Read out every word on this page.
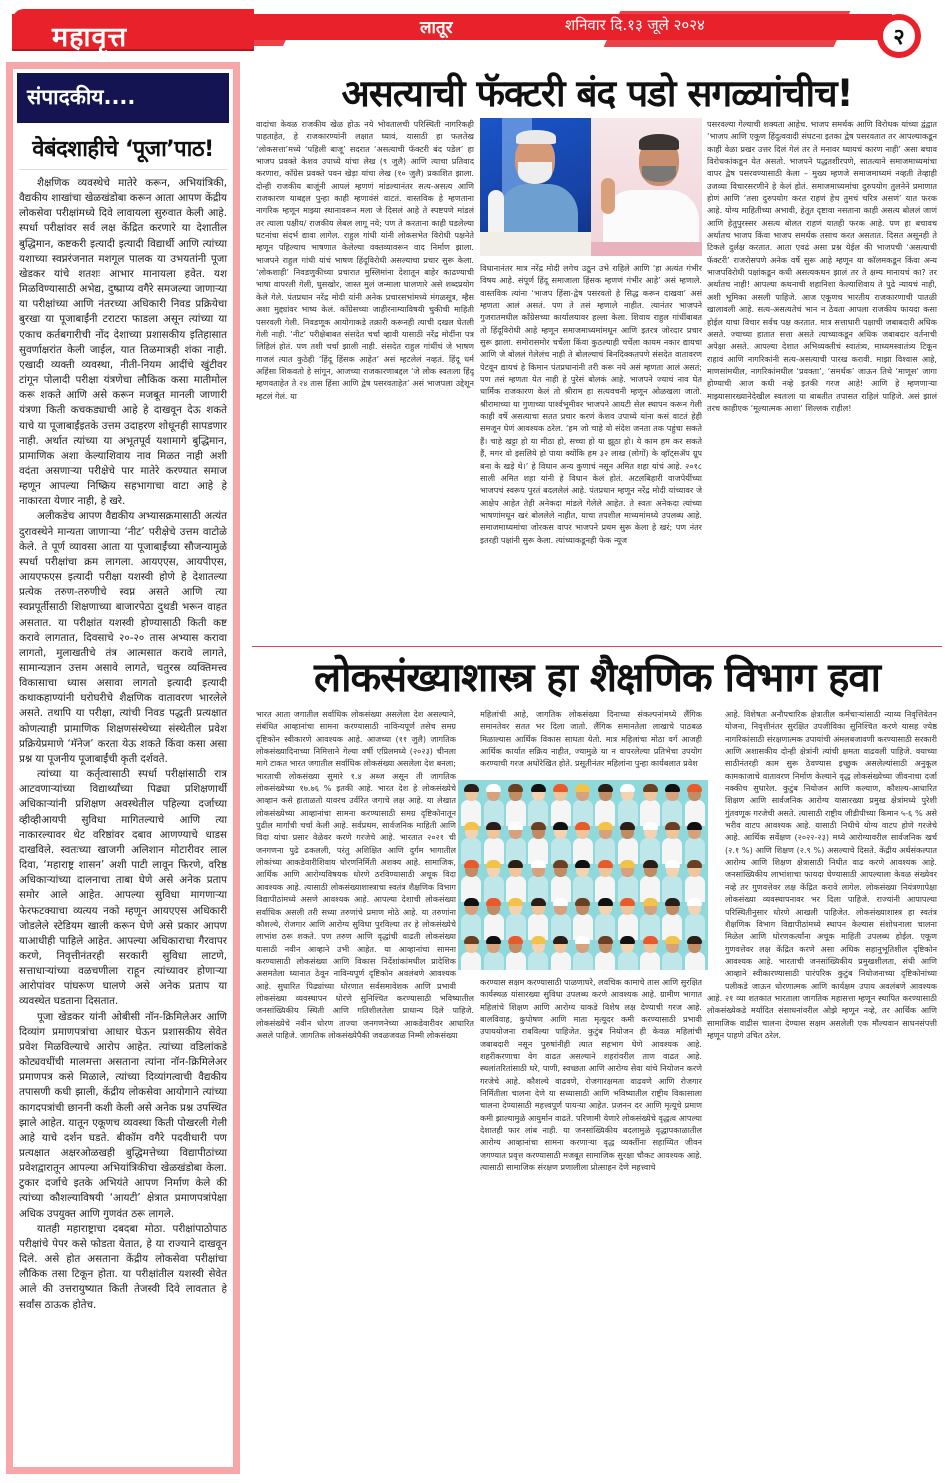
महावृत्त	लातूर	शनिवार दि.१३ जूले २०२४	२
संपादकीय....
वेबंदशाहीचे ‘पूजा’पाठ!

शैक्षणिक व्यवस्थेचे मातेरे करून, अभियांत्रिकी, वैद्यकीय शाखांचा खेळखंडोबा करून आता आपण केंद्रीय लोकसेवा परीक्षांमध्ये दिवे लावायला सुरुवात केली आहे. स्पर्धा परीक्षांवर सर्व लक्ष केंद्रित करणारे या देशातील बुद्धिमान, कष्टकरी इत्यादी इत्यादी विद्यार्थी आणि त्यांच्या यशाच्या स्वप्नरंजनात मशगूल पालक या उभयतांनी पूजा खेडकर यांचे शतशः आभार मानायला हवेत. यश मिळविण्यासाठी अभेद्य, दुष्प्राप्य वगैरे समजल्या जाणाऱ्या या परीक्षांच्या आणि नंतरच्या अधिकारी निवड प्रक्रियेचा बुरखा या पूजाबाईंनी टराटरा फाडला असून त्यांच्या या एकाच कर्तबगारीची नोंद देशाच्या प्रशासकीय इतिहासात सुवर्णाक्षरांत केली जाईल, यात तिळमात्रही शंका नाही. एखादी व्यक्ती व्यवस्था, नीती-नियम आदींचे खुंटीवर टांगून पोलादी परीक्षा यंत्रणेचा लौकिक कसा मातीमोल करू शकते आणि असे करून मजबूत मानली जाणारी यंत्रणा किती कचकड्याची आहे हे दाखवून देऊ शकते याचे या पूजाबाईंइतके उत्तम उदाहरण शोधूनही सापडणार नाही. अर्थात त्यांच्या या अभूतपूर्व यशामागे बुद्धिमान, प्रामाणिक अशा केल्याशिवाय नाव मिळत नाही अशी वदंता असणाऱ्या परीक्षेचे पार मातेरे करण्यात समाज म्हणून आपल्या निष्क्रिय सहभागाचा वाटा आहे हे नाकारता येणार नाही, हे खरे.

अलीकडेच आपण वैद्यकीय अभ्यासक्रमासाठी अत्यंत दुरावस्थेने मान्यता जाणाऱ्या ‘नीट’ परीक्षेचे उत्तम वाटोळे केले. ते पूर्ण व्यावसा आता या पूजाबाईंच्या सौजन्यामुळे स्पर्धा परीक्षांचा क्रम लागला. आयएएस, आयपीएस, आयएफएस इत्यादी परीक्षा यशस्वी होणे हे देशातल्या प्रत्येक तरुण-तरुणीचे स्वप्न असते आणि त्या स्वप्नपूर्तीसाठी शिक्षणाच्या बाजारपेठा दुथडी भरून वाहत असतात. या परीक्षांत यशस्वी होण्यासाठी किती कष्ट करावे लागतात, दिवसाचे २०-२० तास अभ्यास करावा लागतो, मुलाखतीचे तंत्र आत्मसात करावे लागते, सामान्यज्ञान उत्तम असावे लागते, चतुरस्र व्यक्तिमत्त्व विकासाचा ध्यास असावा लागतो इत्यादी इत्यादी कथाकहाण्यांनी घरोघरीचे शैक्षणिक वातावरण भारलेले असते. तथापि या परीक्षा, त्यांची निवड पद्धती प्रत्यक्षात कोणत्याही प्रामाणिक शिक्षणसंस्थेच्या संस्थेतील प्रवेश प्रक्रियेप्रमाणे ‘मॅनेज’ करता येऊ शकते किंवा कसा असा प्रश्न या पूजनीय पूजाबाईंची कृती दर्शवते.

त्यांच्या या कर्तृत्वासाठी स्पर्धा परीक्षांसाठी रात्र आटवणाऱ्यांच्या विद्यार्थ्यांच्या पिढ्या प्रशिक्षणार्थी अधिकाऱ्यांनी प्रशिक्षण अवस्थेतील पहिल्या दर्जाच्या व्हीव्हीआयपी सुविधा मागितल्याचे आणि त्या नाकारल्यावर थेट वरिष्ठांवर दबाव आणण्याचे धाडस दाखविले. स्वतःच्या खाजगी अलिशान मोटारीवर लाल दिवा, ‘महाराष्ट्र शासन’ अशी पाटी लावून फिरणे, वरिष्ठ अधिकाऱ्यांच्या दालनाचा ताबा घेणे असे अनेक प्रताप समोर आले आहेत. आपल्या सुविधा मागणाऱ्या फेरफटक्याचा व्यत्यय नको म्हणून आयएएस अधिकारी जोडलेले स्टेडियम खाली करून घेणे असे प्रकार आपण याआधीही पाहिले आहेत. आपल्या अधिकाराचा गैरवापर करणे, निवृत्तीनंतरही सरकारी सुविधा लाटणे, सत्ताधाऱ्यांच्या वळचणीला राहून त्यांच्यावर होणाऱ्या आरोपांवर पांघरूण घालणे असे अनेक प्रताप या व्यवस्थेत घडताना दिसतात.

पूजा खेडकर यांनी ओबीसी नॉन-क्रिमिलेअर आणि दिव्यांग प्रमाणपत्रांचा आधार घेऊन प्रशासकीय सेवेत प्रवेश मिळविल्याचे आरोप आहेत. त्यांच्या वडिलांकडे कोट्यवधींची मालमत्ता असताना त्यांना नॉन-क्रिमिलेअर प्रमाणपत्र कसे मिळाले, त्यांच्या दिव्यांगत्वाची वैद्यकीय तपासणी कधी झाली, केंद्रीय लोकसेवा आयोगाने त्यांच्या कागदपत्रांची छाननी कशी केली असे अनेक प्रश्न उपस्थित झाले आहेत. यातून एकूणच व्यवस्था किती पोखरली गेली आहे याचे दर्शन घडते. बीकॉम वगैरे पदवीधारी पण प्रत्यक्षात अक्षरओळखही बुद्धिमत्तेच्या विद्यापीठांच्या प्रवेशद्वारातून आपल्या अभियांत्रिकीचा खेळखंडोबा केला. टुकार दर्जाचे इतके अभियंते आपण निर्माण केले की त्यांच्या कौशल्याविषयी ‘आयटी’ क्षेत्रात प्रमाणपत्रांपेक्षा अधिक उपयुक्त आणि गुणवंत ठरू लागले.

यातही महाराष्ट्राचा दबदबा मोठा. परीक्षांपाठोपाठ परीक्षांचे पेपर कसे फोडता येतात, हे या राज्याने दाखवून दिले. असे होत असताना केंद्रीय लोकसेवा परीक्षांचा लौकिक तसा टिकून होता. या परीक्षांतील यशस्वी सेवेत आले की उत्तरायुष्यात किती तेजस्वी दिवे लावतात हे सर्वांस ठाऊक होतेच.

असत्याची फॅक्टरी बंद पडो सगळ्यांचीच!
वादांचा केवळ राजकीय खेळ होऊ नये भोवतालची परिस्थिती नागरिकही पाहताहेत, हे राजकारण्यांनी लक्षात घ्यावं, यासाठी हा फलतेख ‘लोकसत्ता’मध्ये ‘पहिली बाजू’ सदरात ‘असत्याची फॅक्टरी बंद पडेल’ हा भाजप प्रवक्ते केशव उपाध्ये यांचा लेख (९ जुलै) आणि त्याचा प्रतिवाद करणारा, काँग्रेस प्रवक्ते पवन खेड़ा यांचा लेख (१० जुलै) प्रकाशित झाला. दोन्ही राजकीय बाजूंनी आपलं म्हणणं मांडल्यानंतर सत्य-असत्य आणि राजकारण याबद्दल पुन्हा काही म्हणावंसं वाटतं. वास्तविक हे म्हणताना नागरिक म्हणून माझ्या स्थानावरून मला जे दिसलं आहे ते स्पष्टपणे मांडलं तर त्याला पक्षीय/ राजकीय लेबल लागू नये; पण ते करताना काही घडलेल्या घटनांचा संदर्भ द्यावा लागेल. राहुल गांधी यांनी लोकसभेत विरोधी पक्षनेते म्हणून पहिल्याच भाषणात केलेल्या वक्तव्यावरून वाद निर्माण झाला. भाजपने राहुल गांधी यांचं भाषण हिंदूविरोधी असल्याचा प्रचार सुरू केला. ‘लोकशाही’ निवडणुकीच्या प्रचारात मुस्लिमांना देशातून बाहेर काढण्याची भाषा वापरली गेली, घुसखोर, जास्त मुलं जन्माला घालणारे असे शब्दप्रयोग केले गेले. पंतप्रधान नरेंद्र मोदी यांनी अनेक प्रचारसभांमध्ये मंगळसूत्र, म्हैस अशा मुद्द्यांवर भाष्य केलं. काँग्रेसच्या जाहीरनाम्याविषयी चुकीची माहिती पसरवली गेली. निवडणूक आयोगाकडे तक्रारी करूनही त्याची दखल घेतली गेली नाही. ‘नीट’ परीक्षेबाबत संसदेत चर्चा व्हावी यासाठी नरेंद्र मोदींना पत्र लिहिलं होतं. पण तशी चर्चा झाली नाही. संसदेत राहुल गांधींचं जे भाषण गाजलं त्यात कुठेही ‘हिंदू हिंसक आहेत’ असं म्हटलेलं नव्हतं. हिंदू धर्म अहिंसा शिकवतो हे सांगून, आजच्या राजकारणाबद्दल ‘जे लोक स्वतःला हिंदू म्हणवताहेत ते २४ तास हिंसा आणि द्वेष पसरवताहेत’ असं भाजपला उद्देशून म्हटलं गेलं. या
विधानानंतर मात्र नरेंद्र मोदी लगेच उठून उभे राहिले आणि ‘हा अत्यंत गंभीर विषय आहे. संपूर्ण हिंदू समाजाला हिंसक म्हणणं गंभीर आहे’ असं म्हणाले. वास्तविक त्यांना ‘भाजप हिंसा-द्वेष पसरवतो हे सिद्ध करून दाखवा’ असं म्हणता आलं असतं. पण ते तसं म्हणाले नाहीत. त्यानंतर भाजपने गुजरातमधील काँग्रेसच्या कार्यालयावर हल्ला केला. शिवाय राहुल गांधींबाबत तो हिंदूविरोधी आहे म्हणून समाजमाध्यमांमधून आणि इतरत्र जोरदार प्रचार सुरू झाला. समोरासमोर चर्चेला किंवा कुठल्याही चर्चेला कायम नकार द्यायचा आणि जे बोललं गेलेलंच नाही ते बोलल्याचं बिनदिक्कतपणे संसदेत वातावरण पेटवून द्यायचं हे किमान पंतप्रधानांनी तरी करू नये असं म्हणता आलं असतं; पण तसं म्हणता येत नाही हे पुरेसं बोलकं आहे. भाजपने ज्याचं नाव घेत धार्मिक राजकारण केलं तो श्रीराम हा सत्यवचनी म्हणून ओळखला जातो. श्रीरामाच्या या गुणाच्या पार्श्वभूमीवर भाजपने आयटी सेल स्थापन करून गेली काही वर्षे असत्याचा सतत प्रचार करणं केशव उपाध्ये यांना कसं वाटतं हेही समजून घेणं आवश्यक ठरेल. ‘हम जो चाहे वो संदेश जनता तक पहुंचा सकते हैं। चाहे खट्टा हो या मीठा हो, सच्चा हो या झूठा हो। ये काम हम कर सकते हैं, मगर वो इसलिये हो पाया क्योंकि हम ३२ लाख (लोगों) के व्हॉट्सॲप ग्रूप बना के खड़े थे।’ हे विधान अन्य कुणाचं नसून अमित शहा यांचं आहे. २०१८ साली अमित शहा यांनी हे विधान केलं होतं. अटलबिहारी वाजपेयींच्या भाजपचं स्वरूप पुरतं बदललेलं आहे. पंतप्रधान म्हणून नरेंद्र मोदी यांच्यावर जे आक्षेप आहेत तेही अनेकदा मांडले गेलेले आहेत. ते स्वतः अनेकदा त्यांच्या भाषणांमधून खरं बोललेले नाहीत, याचा तपशील माध्यमांमध्ये उपलब्ध आहे. समाजमाध्यमांचा जोरकस वापर भाजपने प्रथम सुरू केला हे खरं; पण नंतर इतरही पक्षांनी सुरू केला. त्यांच्याकडूनही फेक न्यूज
पसरवल्या गेल्याची शक्यता आहेच. भाजप समर्थक आणि विरोधक यांच्या द्वंद्वात ‘भाजप आणि एकूण हिंदुत्ववादी संघटना इतका द्वेष पसरवतात तर आपल्याकडून काही वेळा प्रखर उत्तर दिलं गेलं तर ते मनावर घ्यायचं कारण नाही’ असा बचाव विरोधकांकडून येत असतो. भाजपने पद्धतशीरपणे, सातत्याने समाजमाध्यमांचा वापर द्वेष पसरवण्यासाठी केला – मुख्य म्हणजे समाजमाध्यमं नव्हती तेव्हाही उजव्या विचारसरणीने हे केलं होतं. समाजमाध्यमांचा दुरुपयोग तुलनेने प्रमाणात होणं आणि ‘तसा दुरुपयोग करत राहणं हेच तुमचं चरित्र असणं’ यात फरक आहे. योग्य माहितीच्या अभावी, हेतूत दृष्टावा नसताना काही असत्य बोललं जाणं आणि हेतुपुरस्सर असत्य बोलत राहणं यातही फरक आहे. पण हा बचावच अर्थातच भाजप किंवा भाजप समर्थक तसाच करत असतात. दिसत असूनही ते टिकले दुर्लक्ष करतात. आता एवढं असा प्रश्न येईल की भाजपची ‘असत्याची फॅक्टरी’ राजरोसपणे अनेक वर्षे सुरू आहे म्हणून या कॉलमकडून किंवा अन्य भाजपविरोधी पक्षांकडून कधी असत्यकथन झालं तर ते क्षम्य मानायचं का? तर अर्थातच नाही! आपल्या कथनाची शहानिशा केल्याशिवाय ते पुढे न्यायचं नाही, अशी भूमिका असली पाहिजे. आज एकूणच भारतीय राजकारणाची पातळी खालावली आहे. सत्य-असत्यतेचं भान न ठेवता आपला राजकीय फायदा कसा होईल याचा विचार सर्वच पक्ष करतात. मात्र सत्ताधारी पक्षाची जबाबदारी अधिक असते. ज्याच्या हातात सत्ता असते त्याच्याकडून अधिक जबाबदार वर्तनाची अपेक्षा असते. आपल्या देशात अभिव्यक्तीचं स्वातंत्र्य, माध्यमस्वातंत्र्य टिकून राहावं आणि नागरिकांनी सत्य-असत्याची पारख करावी. माझा विश्वास आहे, माणसांमधील, नागरिकांमधील ‘प्रवक्ता’, ‘समर्थक’ जाऊन तिथे ‘माणूस’ जागा होण्याची आज कधी नव्हे इतकी गरज आहे! आणि हे म्हणणाऱ्या माझ्यासारख्यानेदेखील स्वतःला या बाबतीत तपासत राहिलं पाहिजे. असं झालं तरच काहीएक ‘मूल्यात्मक आशा’ शिल्लक राहील!
लोकसंख्याशास्त्र हा शैक्षणिक विभाग हवा
भारत आता जगातील सर्वाधिक लोकसंख्या असलेला देश असल्याने, संबंधित आव्हानांचा सामना करण्यासाठी नाविन्यपूर्ण तसेच समग्र दृष्टिकोन स्वीकारणे आवश्यक आहे. आजच्या (११ जुलै) जागतिक लोकसंख्यादिनाच्या निमित्ताने गेल्या वर्षी एप्रिलमध्ये (२०२३) चीनला मागे टाकत भारत जगातील सर्वाधिक लोकसंख्या असलेला देश बनला; भारताची लोकसंख्या सुमारे १.४ अब्ज असून ती जागतिक लोकसंख्येच्या १७.७६ % इतकी आहे. भारत देश हे लोकसंख्येचे आव्हान कसे हाताळतो यावरच उर्वरित जगाचे लक्ष आहे. या लेखात लोकसंख्येच्या आव्हानांचा सामना करण्यासाठी समग्र दृष्टिकोनातून पुढील मार्गांची चर्चा केली आहे. सर्वप्रथम, सार्वजनिक माहिती आणि विदा यांचा प्रसार वेळेवर करणे गरजेचे आहे. भारतात २०२१ ची जनगणना पुढे ढकलली, परंतु अशिक्षित आणि दुर्गम भागातील लोकांच्या आकडेवारीशिवाय धोरणनिर्मिती अशक्य आहे. सामाजिक, आर्थिक आणि आरोग्यविषयक धोरणे ठरविण्यासाठी अचूक विदा आवश्यक आहे. त्यासाठी लोकसंख्याशास्त्राचा स्वतंत्र शैक्षणिक विभाग विद्यापीठांमध्ये असणे आवश्यक आहे. आपल्या देशाची लोकसंख्या सर्वाधिक असली तरी सध्या तरुणांचे प्रमाण मोठे आहे. या तरुणांना कौशल्ये, रोजगार आणि आरोग्य सुविधा पुरविल्या तर हे लोकसंख्येचे लाभांश ठरू शकते. पण तरुण आणि वृद्धांची वाढती लोकसंख्या यासाठी नवीन आव्हाने उभी आहेत. या आव्हानांचा सामना करण्यासाठी लोकसंख्या आणि विकास निर्देशांकांमधील प्रादेशिक असमतेला ध्यानात ठेवून नाविन्यपूर्ण दृष्टिकोन अवलंबणे आवश्यक आहे. सुधारित पिढ्यांच्या धोरणात सर्वसमावेशक आणि प्रभावी लोकसंख्या व्यवस्थापन धोरणे सुनिश्चित करण्यासाठी भविष्यातील जनसांख्यिकीय स्थिती आणि गतिशीलतेला प्राधान्य दिले पाहिजे. लोकसंख्येचे नवीन धोरण ताज्या जनगणनेच्या आकडेवारीवर आधारित असले पाहिजे. जागतिक लोकसंख्येपैकी जवळजवळ निम्मी लोकसंख्या
महिलांची आहे, जागतिक लोकसंख्या दिनाच्या संकल्पनांमध्ये लैंगिक समानतेवर सतत भर दिला जातो. लैंगिक समानतेला लाखाचे पाठबळ मिळाल्यास आर्थिक विकास साधता येतो. मात्र महिलांचा मोठा वर्ग आजही आर्थिक कार्यात सक्रिय नाहीत, ज्यामुळे या न वापरलेल्या प्रतिभेचा उपयोग करण्याची गरज अधोरेखित होते. प्रसूतीनंतर महिलांना पुन्हा कार्यबलात प्रवेश
करण्यास सक्षम करण्यासाठी पाळणाघरे, लवचिक कामाचे तास आणि सुरक्षित कार्यस्थळ यांसारख्या सुविधा उपलब्ध करणे आवश्यक आहे. ग्रामीण भागात महिलांचे शिक्षण आणि आरोग्य याकडे विशेष लक्ष देण्याची गरज आहे. बालविवाह, कुपोषण आणि माता मृत्यूदर कमी करण्यासाठी प्रभावी उपाययोजना राबविल्या पाहिजेत. कुटुंब नियोजन ही केवळ महिलांची जबाबदारी नसून पुरुषांनीही त्यात सहभाग घेणे आवश्यक आहे. शहरीकरणाचा वेग वाढत असल्याने शहरांवरील ताण वाढत आहे. स्थलांतरितांसाठी घरे, पाणी, स्वच्छता आणि आरोग्य सेवा यांचे नियोजन करणे गरजेचे आहे. कौशल्ये वाढवणे, रोजगारक्षमता वाढवणे आणि रोजगार निर्मितीला चालना देणे या सध्यासाठी आणि भविष्यातील राष्ट्रीय विकासाला चालना देण्यासाठी महत्त्वपूर्ण पायऱ्या आहेत. प्रजनन दर आणि मृत्यूचे प्रमाण कमी झाल्यामुळे आयुर्मान वाढते. परिणामी येणारे लोकसंख्येचे वृद्धत्व आपल्या देशातही फार लांब नाही. या जनसांख्यिकीय बदलामुळे वृद्धापकाळातील आरोग्य आव्हानांचा सामना करणाऱ्या वृद्ध व्यक्तींना सहाय्यित जीवन जगण्यात प्रवृत्त करण्यासाठी मजबूत सामाजिक सुरक्षा चौकट आवश्यक आहे. त्यासाठी सामाजिक संरक्षण प्रणालीला प्रोत्साहन देणे महत्त्वाचे
आहे. विशेषतः अनौपचारिक क्षेत्रातील कर्मचाऱ्यांसाठी न्याय्य निवृत्तिवेतन योजना, निवृत्तीनंतर सुरक्षित उपजीविका सुनिश्चित करणे यासह ज्येष्ठ नागरिकांसाठी संरक्षणात्मक उपायांची अंमलबजावणी करण्यासाठी सरकारी आणि अशासकीय दोन्ही क्षेत्रांनी त्यांची क्षमता वाढवली पाहिजे. वयाच्या साठीनंतरही काम सुरू ठेवण्यास इच्छुक असलेल्यांसाठी अनुकूल कामकाजाचे वातावरण निर्माण केल्याने वृद्ध लोकसंख्येच्या जीवनाचा दर्जा नक्कीच सुधारेल. कुटुंब नियोजन आणि कल्याण, कौशल्य-आधारित शिक्षण आणि सार्वजनिक आरोग्य यासारख्या प्रमुख क्षेत्रांमध्ये पुरेशी गुंतवणूक गरजेची असते. त्यासाठी राष्ट्रीय जीडीपीच्या किमान ५-६ % असे भरीव वाटप आवश्यक आहे. यासाठी निधीचे योग्य वाटप होणे गरजेचे आहे. आर्थिक सर्वेक्षण (२०२२-२३) मध्ये आरोग्यावरील सार्वजनिक खर्च (२.१ %) आणि शिक्षण (२.९ %) असल्याचे दिसते. केंद्रीय अर्थसंकल्पात आरोग्य आणि शिक्षण क्षेत्रासाठी निधीत वाढ करणे आवश्यक आहे. जनसांख्यिकीय लाभांशाचा फायदा घेण्यासाठी आपल्याला केवळ संख्येवर नव्हे तर गुणवत्तेवर लक्ष केंद्रित करावे लागेल. लोकसंख्या नियंत्रणापेक्षा लोकसंख्या व्यवस्थापनावर भर दिला पाहिजे. राज्यांनी आपापल्या परिस्थितीनुसार धोरणे आखली पाहिजेत. लोकसंख्याशास्त्र हा स्वतंत्र शैक्षणिक विभाग विद्यापीठांमध्ये स्थापन केल्यास संशोधनाला चालना मिळेल आणि धोरणकर्त्यांना अचूक माहिती उपलब्ध होईल. एकूण गुणवत्तेवर लक्ष केंद्रित करणे असा अधिक सहानुभूतिशील दृष्टिकोन आवश्यक आहे. भारताची जनसांख्यिकीय प्रमुखशीलता, संधी आणि आव्हाने स्वीकारण्यासाठी पारंपरिक कुटुंब नियोजनाच्या दृष्टिकोनांच्या पलीकडे जाऊन धोरणात्मक आणि कार्यक्षम उपाय अवलंबणे आवश्यक आहे. २१ व्या शतकात भारताला जागतिक महासत्ता म्हणून स्थापित करण्यासाठी लोकसंख्येकडे मर्यादित संसाधनांवरील ओझे म्हणून नव्हे, तर आर्थिक आणि सामाजिक वाढीस चालना देण्यास सक्षम असलेली एक मौल्यवान साधनसंपत्ती म्हणून पाहणे उचित ठरेल.
